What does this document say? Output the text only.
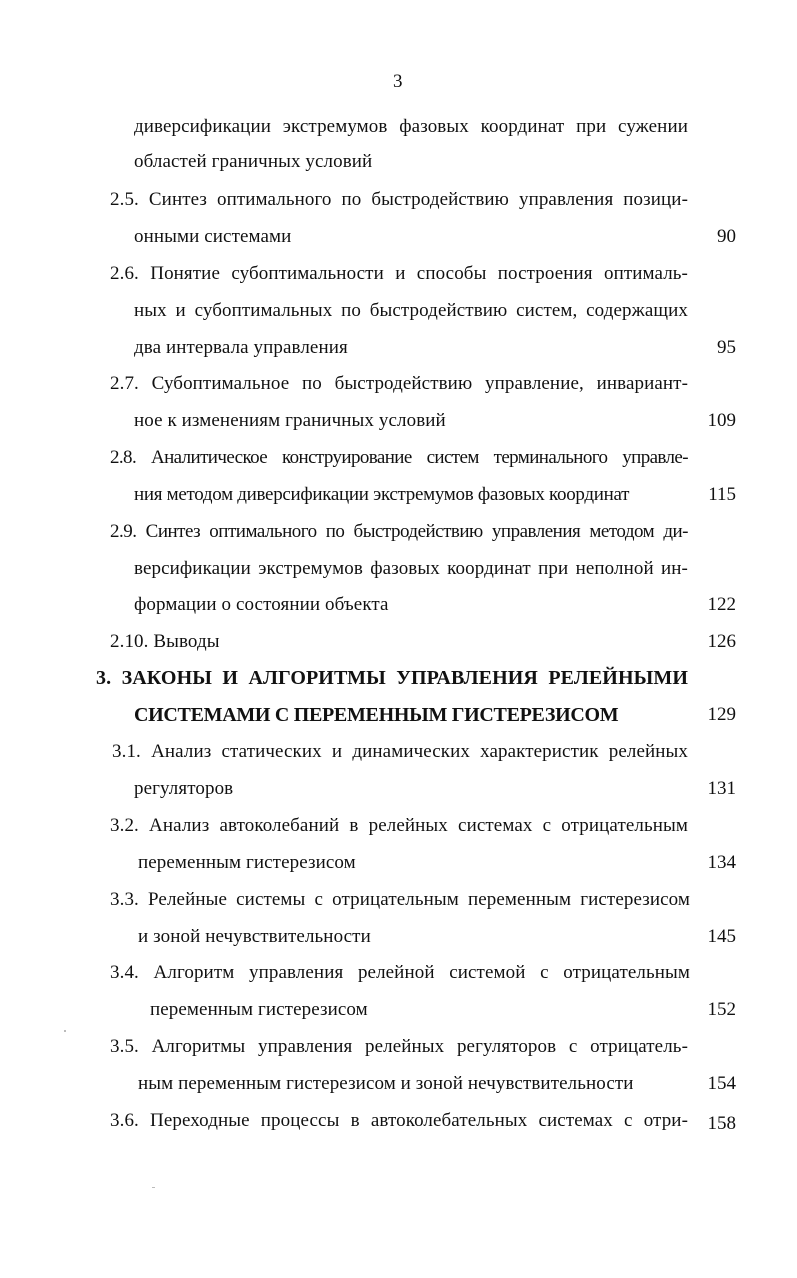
3
диверсификации экстремумов фазовых координат при сужении
областей граничных условий
2.5. Синтез оптимального по быстродействию управления позици-
онными системами	90
2.6. Понятие субоптимальности и способы построения оптималь-
ных и субоптимальных по быстродействию систем, содержащих
два интервала управления	95
2.7. Субоптимальное по быстродействию управление, инвариант-
ное к изменениям граничных условий	109
2.8. Аналитическое конструирование систем терминального управле-
ния методом диверсификации экстремумов фазовых координат	115
2.9. Синтез оптимального по быстродействию управления методом ди-
версификации экстремумов фазовых координат при неполной ин-
формации о состоянии объекта	122
2.10. Выводы	126
3. ЗАКОНЫ И АЛГОРИТМЫ УПРАВЛЕНИЯ РЕЛЕЙНЫМИ
СИСТЕМАМИ С ПЕРЕМЕННЫМ ГИСТЕРЕЗИСОМ	129
3.1. Анализ статических и динамических характеристик релейных
регуляторов	131
3.2. Анализ автоколебаний в релейных системах с отрицательным
переменным гистерезисом	134
3.3. Релейные системы с отрицательным переменным гистерезисом
и зоной нечувствительности	145
3.4. Алгоритм управления релейной системой с отрицательным
переменным гистерезисом	152
3.5. Алгоритмы управления релейных регуляторов с отрицатель-
ным переменным гистерезисом и зоной нечувствительности	154
3.6. Переходные процессы в автоколебательных системах с отри-	158
